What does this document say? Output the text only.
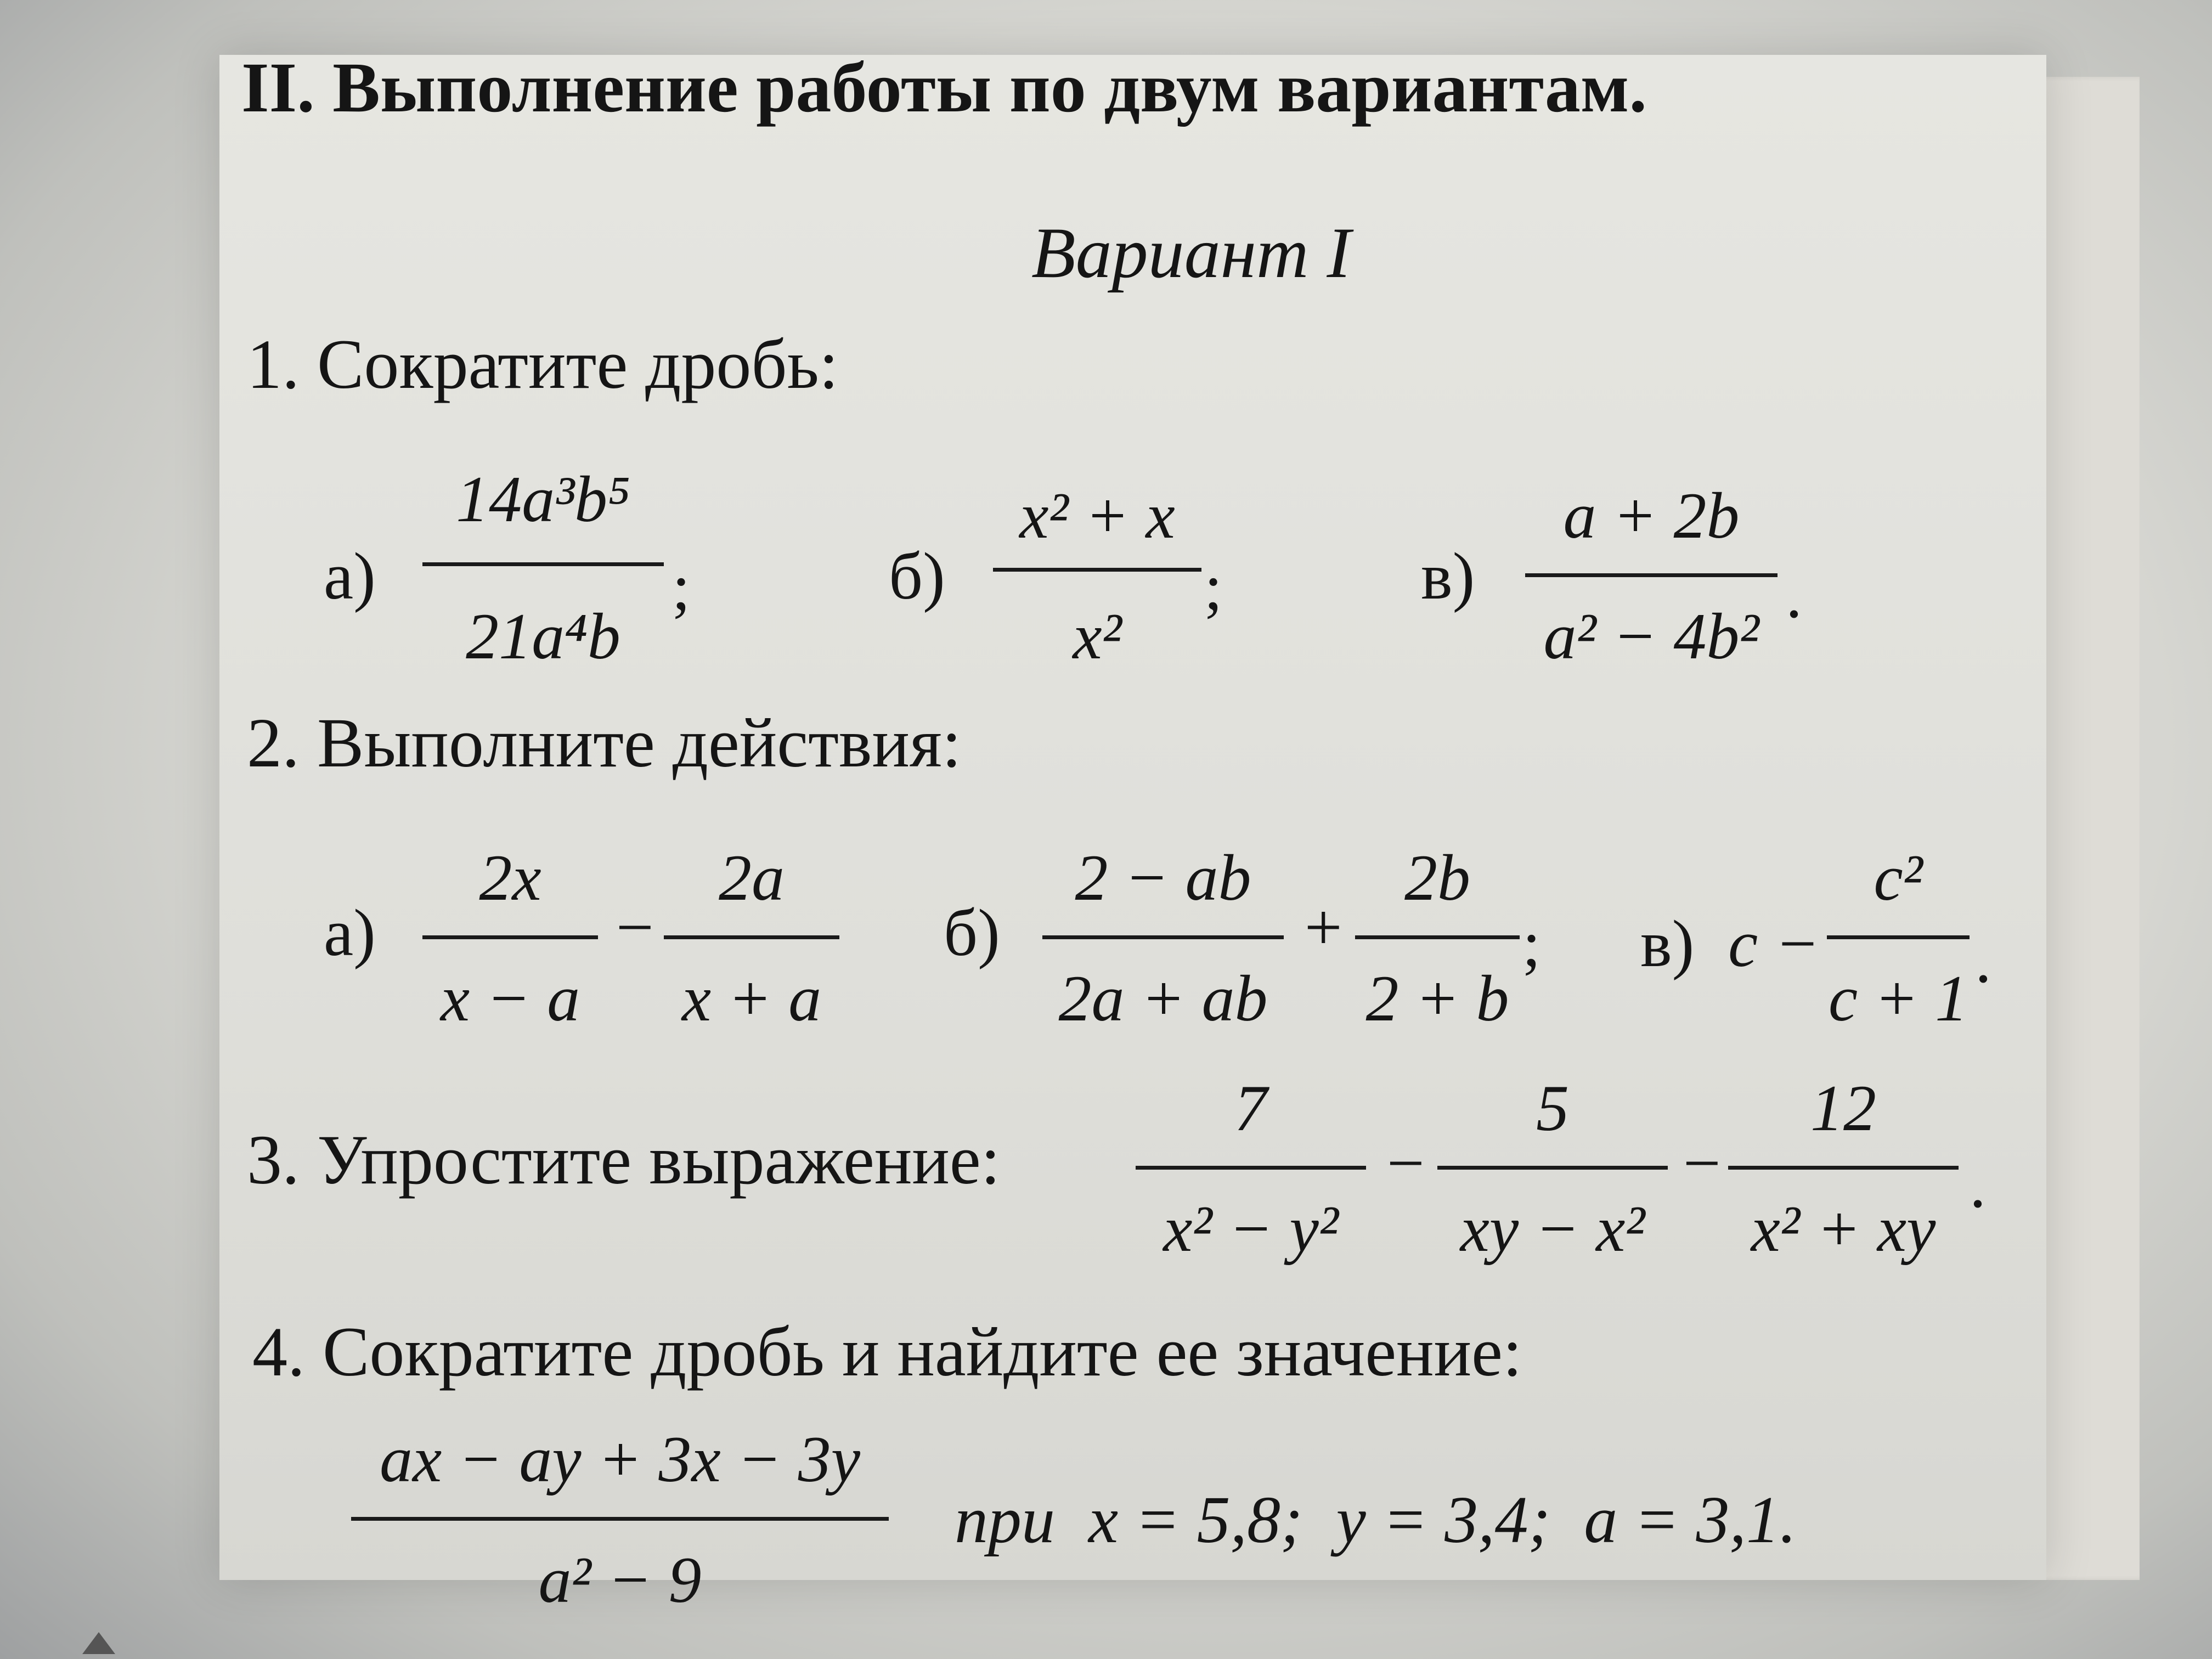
II. Выполнение работы по двум вариантам.
Вариант I
1. Сократите дробь:
а)
14a³b⁵
21a⁴b
;	б)
x² + x
x²
;	в)
a + 2b
a² − 4b²
.
2. Выполните действия:
а)
2x
x − a
−
2a
x + a
б)
2 − ab
2a + ab
+
2b
2 + b
; в) c −
c²
c + 1
.
3. Упростите выражение:
7
x² − y²
−
5
xy − x²
−
12
x² + xy
.
4. Сократите дробь и найдите ее значение:
ax − ay + 3x − 3y
a² − 9
при  x = 5,8;  y = 3,4;  a = 3,1.
